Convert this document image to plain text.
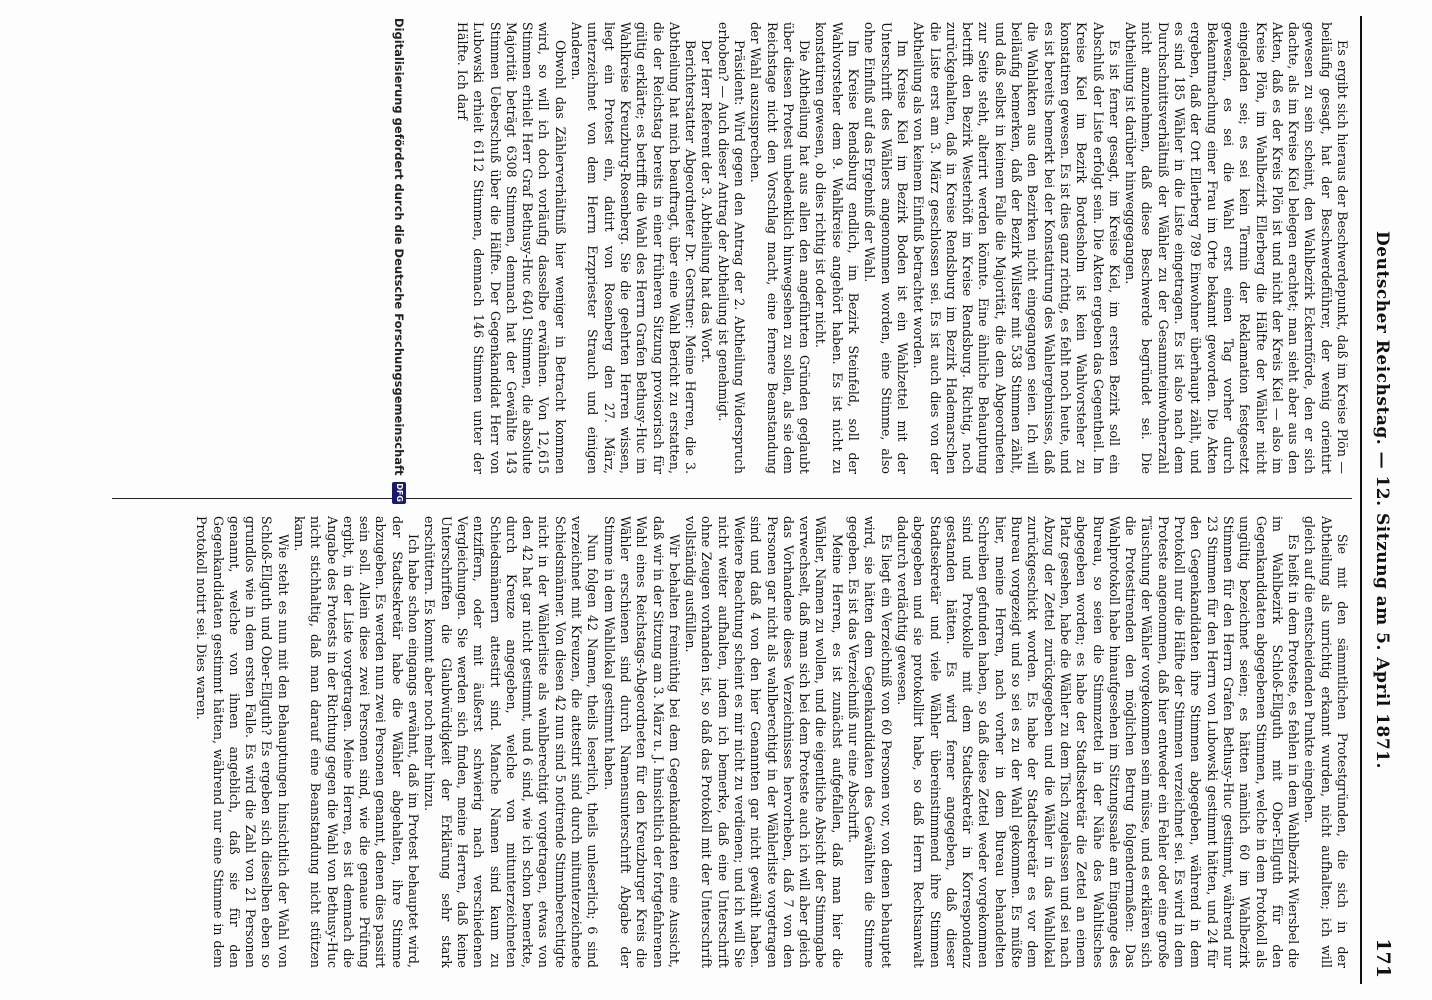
Deutscher Reichstag. — 12. Sitzung am 5. April 1871.
171

Es ergibt sich hieraus der Beschwerdepunkt, daß im Kreise Plön — beiläufig gesagt, hat der Beschwerdeführer, der wenig orientirt gewesen zu sein scheint, den Wahlbezirk Eckernförde, den er sich dachte, als im Kreise Kiel belegen erachtet; man sieht aber aus den Akten, daß es der Kreis Plön ist und nicht der Kreis Kiel — also im Kreise Plön, im Wahlbezirk Ellerberg die Hälfte der Wähler nicht eingeladen sei; es sei kein Termin der Reklamation festgesetzt gewesen, es sei die Wahl erst einen Tag vorher durch Bekanntmachung einer Frau im Orte bekannt geworden. Die Akten ergeben, daß der Ort Ellerberg 789 Einwohner überhaupt zählt, und es sind 185 Wähler in die Liste eingetragen. Es ist also nach dem Durchschnittsverhältniß der Wähler zu der Gesammteinwohnerzahl nicht anzunehmen, daß diese Beschwerde begründet sei. Die Abtheilung ist darüber hinweggegangen.

Es ist ferner gesagt, im Kreise Kiel, im ersten Bezirk soll ein Abschluß der Liste erfolgt sein. Die Akten ergeben das Gegentheil. Im Kreise Kiel im Bezirk Bordesholm ist kein Wahlvorsteher zu konstatiren gewesen. Es ist dies ganz richtig, es fehlt noch heute, und es ist bereits bemerkt bei der Konstatirung des Wahlergebnisses, daß die Wahlakten aus den Bezirken nicht eingegangen seien. Ich will beiläufig bemerken, daß der Bezirk Wilster mit 538 Stimmen zählt, und daß selbst in keinem Falle die Majorität, die dem Abgeordneten zur Seite steht, alterirt werden könnte. Eine ähnliche Behauptung betrifft den Bezirk Westerhöft im Kreise Rendsburg. Richtig, noch zurückgehalten, daß in Kreise Rendsburg im Bezirk Hademarschen die Liste erst am 3. März geschlossen sei. Es ist auch dies von der Abtheilung als von keinem Einfluß betrachtet worden.

Im Kreise Kiel im Bezirk Boden ist ein Wahlzettel mit der Unterschrift des Wählers angenommen worden, eine Stimme, also ohne Einfluß auf das Ergebniß der Wahl.

Im Kreise Rendsburg endlich, im Bezirk Steinfeld, soll der Wahlvorsteher dem 9. Wahlkreise angehört haben. Es ist nicht zu konstatiren gewesen, ob dies richtig ist oder nicht.

Die Abtheilung hat aus allen den angeführten Gründen geglaubt über diesen Protest unbedenklich hinwegsehen zu sollen, als sie dem Reichstage nicht den Vorschlag macht, eine fernere Beanstandung der Wahl auszusprechen.

Präsident: Wird gegen den Antrag der 2. Abtheilung Widerspruch erhoben? — Auch dieser Antrag der Abtheilung ist genehmigt.

Der Herr Referent der 3. Abtheilung hat das Wort.

Berichterstatter Abgeordneter Dr. Gerstner: Meine Herren, die 3. Abtheilung hat mich beauftragt, über eine Wahl Bericht zu erstatten, die der Reichstag bereits in einer früheren Sitzung provisorisch für gültig erklärte; es betrifft die Wahl des Herrn Grafen Bethusy-Huc im Wahlkreise Kreuzburg-Rosenberg. Sie die geehrten Herren wissen, liegt ein Protest ein, datirt von Rosenberg den 27. März, unterzeichnet von dem Herrn Erzpriester Strauch und einigen Anderen.

Obwohl das Zählerverhältniß hier weniger in Betracht kommen wird, so will ich doch vorläufig dasselbe erwähnen. Von 12,615 Stimmen erhielt Herr Graf Bethusy-Huc 6401 Stimmen, die absolute Majorität beträgt 6308 Stimmen, demnach hat der Gewählte 143 Stimmen Ueberschuß über die Hälfte. Der Gegenkandidat Herr von Lubowski erhielt 6112 Stimmen, demnach 146 Stimmen unter der Hälfte. Ich darf

Sie mit den sämmtlichen Protestgründen, die sich in der Abtheilung als unrichtig erkannt wurden, nicht aufhalten; ich will gleich auf die entscheidenden Punkte eingehen.

Es heißt in dem Proteste, es fehlen in dem Wahlbezirk Wiersbel die im Wahlbezirk Schloß-Ellguth mit Ober-Ellguth für den Gegenkandidaten abgegebenen Stimmen, welche in dem Protokoll als ungültig bezeichnet seien; es hätten nämlich 60 im Wahlbezirk Stimmen für den Herrn Grafen Bethusy-Huc gestimmt, während nur 23 Stimmen für den Herrn von Lubowski gestimmt hätten, und 24 für den Gegenkandidaten ihre Stimmen abgegeben, während in dem Protokoll nur die Hälfte der Stimmen verzeichnet sei. Es wird in dem Proteste angenommen, daß hier entweder ein Fehler oder eine große Täuschung der Wähler vorgekommen sein müsse, und es erklären sich die Protestirenden den möglichen Betrug folgendermaßen: Das Wahlprotokoll habe hinaufgesehen im Sitzungssaale am Eingange des Bureau, so seien die Stimmzettel in der Nähe des Wahltisches abgegeben worden; es habe der Stadtsekretär die Zettel an einem Platz gesehen, habe die Wähler zu dem Tisch zugelassen und sei nach Abzug der Zettel zurückgegeben und die Wähler in das Wahllokal zurückgeschickt worden. Es habe der Stadtsekretär es vor dem Bureau vorgezeigt und so sei es zu der Wahl gekommen. Es müßte hier, meine Herren, nach vorher in dem Bureau behandelten Schreiben gefunden haben, so daß diese Zettel weder vorgekommen sind und Protokolle mit dem Stadtsekretär in Korrespondenz gestanden hätten. Es wird ferner angegeben, daß dieser Stadtsekretär und viele Wähler übereinstimmend ihre Stimmen abgegeben und sie protokollirt habe, so daß Herrn Rechtsanwalt dadurch verdächtig gewesen.

Es liegt ein Verzeichniß von 60 Personen vor, von denen behauptet wird, sie hätten dem Gegenkandidaten des Gewählten die Stimme gegeben. Es ist das Verzeichniß nur eine Abschrift.

Meine Herren, es ist zunächst aufgefallen, daß man hier die Wähler, Namen zu wollen, und die eigentliche Absicht der Stimmgabe verwechselt, daß man sich bei dem Proteste auch ich will aber gleich das Vorhandene dieses Verzeichnisses hervorheben, daß 7 von den Personen gar nicht als wahlberechtigt in der Wählerliste vorgetragen sind und daß 4 von den hier Genannten gar nicht gewählt haben. Weitere Beachtung scheint es mir nicht zu verdienen; und ich will Sie nicht weiter aufhalten, indem ich bemerke, daß eine Unterschrift ohne Zeugen vorhanden ist, so daß das Protokoll mit der Unterschrift vollständig ausfüllen.

Wir behalten freimüthig bei dem Gegenkandidaten eine Aussicht, daß wir in der Sitzung am 3. März u. J. hinsichtlich der fortgefahrenen Wahl eines Reichstags-Abgeordneten für den Kreuzburger Kreis die Wähler erschienen sind durch Namensunterschrift Abgabe der Stimme in dem Wahllokal gestimmt haben.

Nun folgen 42 Namen, theils leserlich, theils unleserlich; 6 sind verzeichnet mit Kreuzen, die attestirt sind durch mitunterzeichnete Schiedsmänner. Von diesen 42 nun sind 5 notirende Stimmberechtigte nicht in der Wählerliste als wahlberechtigt vorgetragen, etwas von den 42 hat gar nicht gestimmt, und 6 sind, wie ich schon bemerkte, durch Kreuze angegeben, welche von mitunterzeichneten Schiedsmännern attestirt sind. Manche Namen sind kaum zu entziffern, oder mit äußerst schwierig nach verschiedenen Vergleichungen. Sie werden sich finden, meine Herren, daß keine Unterschriften die Glaubwürdigkeit der Erklärung sehr stark erschüttern. Es kommt aber noch mehr hinzu.

Ich habe schon eingangs erwähnt, daß im Protest behauptet wird, der Stadtsekretär habe die Wähler abgehalten, ihre Stimme abzugeben. Es werden nun zwei Personen genannt, denen dies passirt sein soll. Allein diese zwei Personen sind, wie die genaue Prüfung ergibt, in der Liste vorgetragen. Meine Herren, es ist demnach die Angabe des Protests in der Richtung gegen die Wahl von Bethusy-Huc nicht stichhaltig, daß man darauf eine Beanstandung nicht stützen kann.

Wie steht es nun mit den Behauptungen hinsichtlich der Wahl von Schloß-Ellguth und Ober-Ellguth? Es ergeben sich dieselben eben so grundlos wie in dem ersten Falle. Es wird die Zahl von 21 Personen genannt, welche von ihnen angeblich, daß sie für den Gegenkandidaten gestimmt hätten, während nur eine Stimme in dem Protokoll notirt sei. Dies waren.

Digitalisierung gefördert durch die Deutsche Forschungsgemeinschaft
DFG
